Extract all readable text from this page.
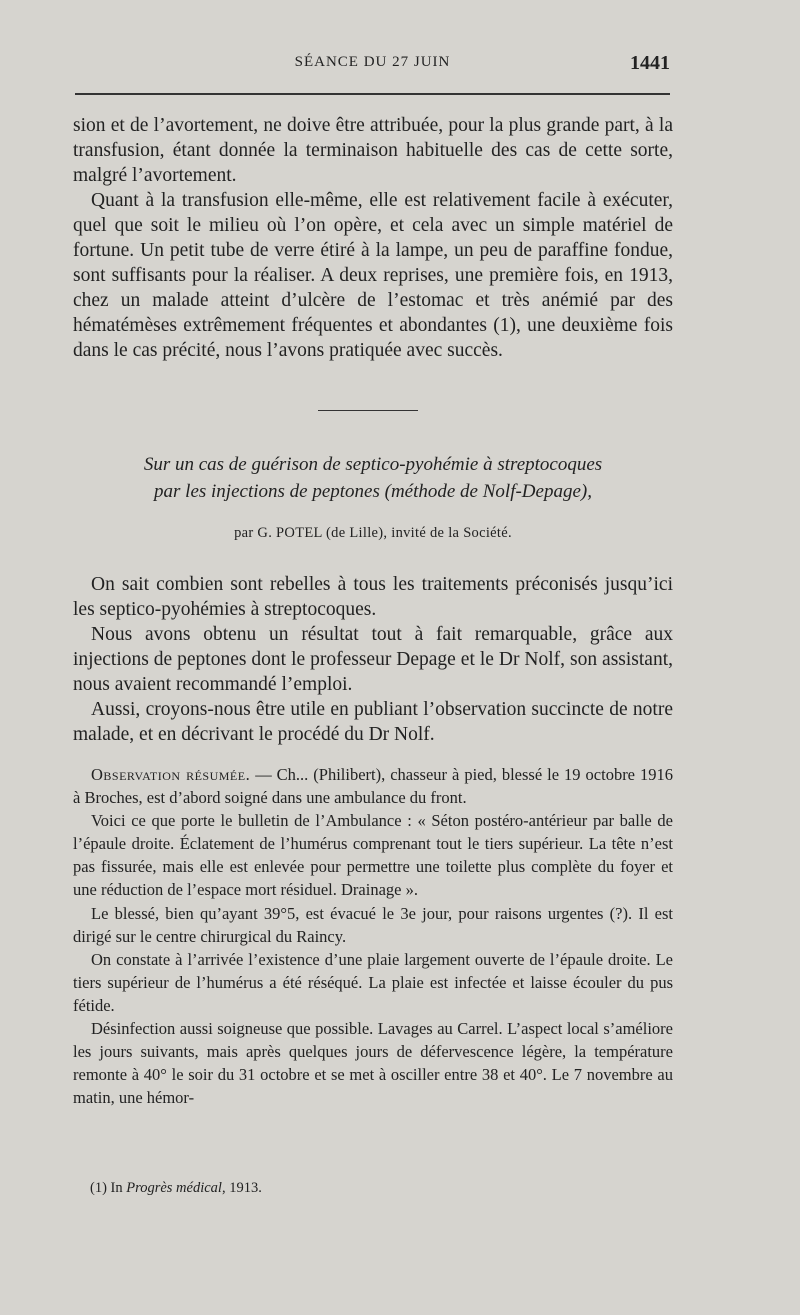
SÉANCE DU 27 JUIN	1441

sion et de l’avortement, ne doive être attribuée, pour la plus grande part, à la transfusion, étant donnée la terminaison habituelle des cas de cette sorte, malgré l’avortement.

Quant à la transfusion elle-même, elle est relativement facile à exécuter, quel que soit le milieu où l’on opère, et cela avec un simple matériel de fortune. Un petit tube de verre étiré à la lampe, un peu de paraffine fondue, sont suffisants pour la réaliser. A deux reprises, une première fois, en 1913, chez un malade atteint d’ulcère de l’estomac et très anémié par des hématémèses extrêmement fréquentes et abondantes (1), une deuxième fois dans le cas précité, nous l’avons pratiquée avec succès.

Sur un cas de guérison de septico-pyohémie à streptocoques
par les injections de peptones (méthode de Nolf-Depage),
par G. POTEL (de Lille), invité de la Société.

On sait combien sont rebelles à tous les traitements préconisés jusqu’ici les septico-pyohémies à streptocoques.

Nous avons obtenu un résultat tout à fait remarquable, grâce aux injections de peptones dont le professeur Depage et le Dr Nolf, son assistant, nous avaient recommandé l’emploi.

Aussi, croyons-nous être utile en publiant l’observation succincte de notre malade, et en décrivant le procédé du Dr Nolf.

Observation résumée. — Ch... (Philibert), chasseur à pied, blessé le 19 octobre 1916 à Broches, est d’abord soigné dans une ambulance du front.

Voici ce que porte le bulletin de l’Ambulance : « Séton postéro-antérieur par balle de l’épaule droite. Éclatement de l’humérus comprenant tout le tiers supérieur. La tête n’est pas fissurée, mais elle est enlevée pour permettre une toilette plus complète du foyer et une réduction de l’espace mort résiduel. Drainage ».

Le blessé, bien qu’ayant 39°5, est évacué le 3e jour, pour raisons urgentes (?). Il est dirigé sur le centre chirurgical du Raincy.

On constate à l’arrivée l’existence d’une plaie largement ouverte de l’épaule droite. Le tiers supérieur de l’humérus a été réséqué. La plaie est infectée et laisse écouler du pus fétide.

Désinfection aussi soigneuse que possible. Lavages au Carrel. L’aspect local s’améliore les jours suivants, mais après quelques jours de défervescence légère, la température remonte à 40° le soir du 31 octobre et se met à osciller entre 38 et 40°. Le 7 novembre au matin, une hémor-

(1) In Progrès médical, 1913.
